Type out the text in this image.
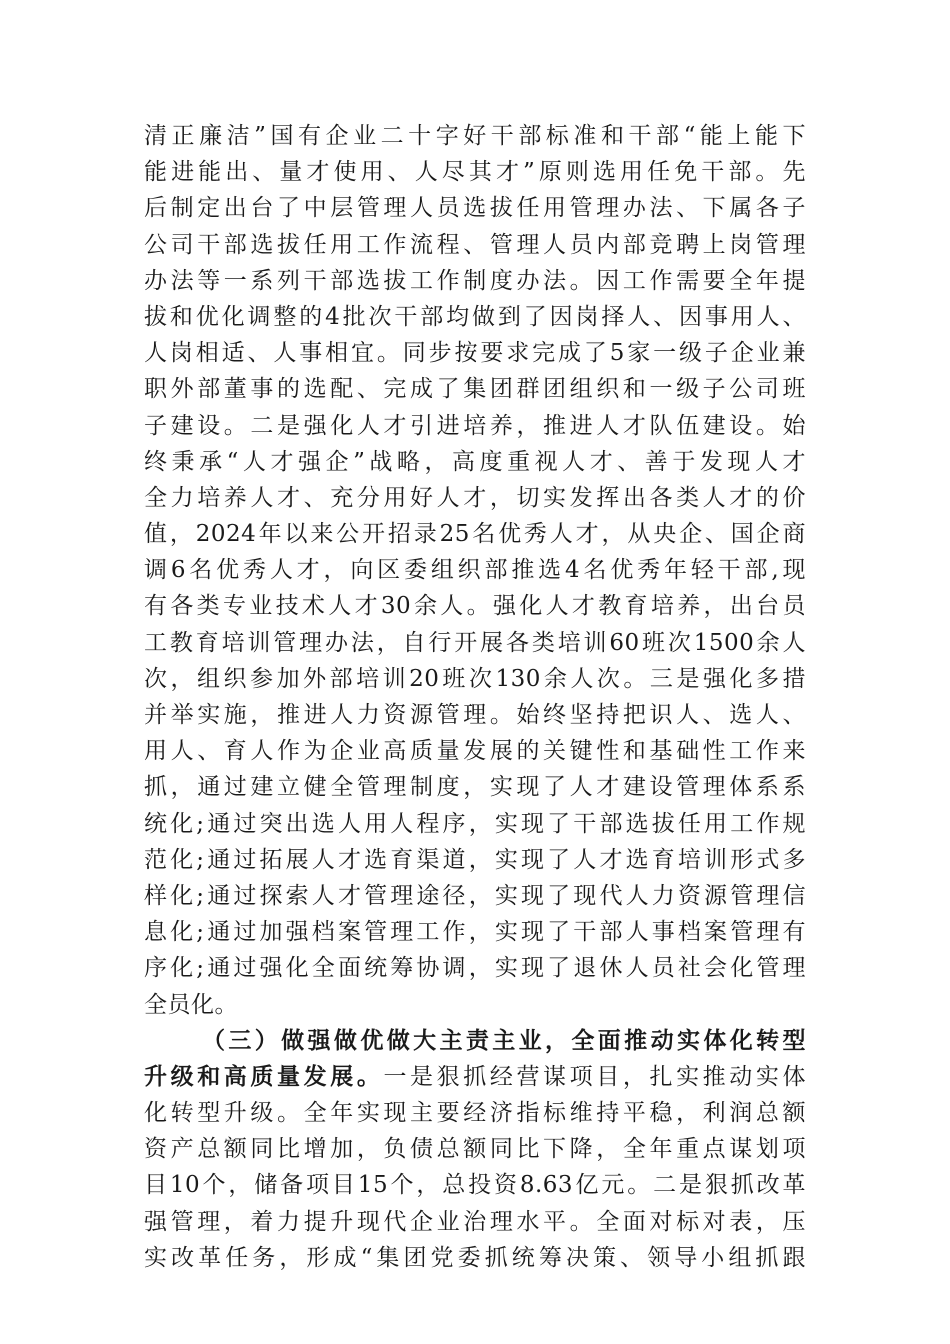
清正廉洁”国有企业二十字好干部标准和干部“能上能下
能进能出、量才使用、人尽其才”原则选用任免干部。先
后制定出台了中层管理人员选拔任用管理办法、下属各子
公司干部选拔任用工作流程、管理人员内部竞聘上岗管理
办法等一系列干部选拔工作制度办法。因工作需要全年提
拔和优化调整的4批次干部均做到了因岗择人、因事用人、
人岗相适、人事相宜。同步按要求完成了5家一级子企业兼
职外部董事的选配、完成了集团群团组织和一级子公司班
子建设。二是强化人才引进培养，推进人才队伍建设。始
终秉承“人才强企”战略，高度重视人才、善于发现人才
全力培养人才、充分用好人才，切实发挥出各类人才的价
值，2024年以来公开招录25名优秀人才，从央企、国企商
调6名优秀人才，向区委组织部推选4名优秀年轻干部,现
有各类专业技术人才30余人。强化人才教育培养，出台员
工教育培训管理办法，自行开展各类培训60班次1500余人
次，组织参加外部培训20班次130余人次。三是强化多措
并举实施，推进人力资源管理。始终坚持把识人、选人、
用人、育人作为企业高质量发展的关键性和基础性工作来
抓，通过建立健全管理制度，实现了人才建设管理体系系
统化;通过突出选人用人程序，实现了干部选拔任用工作规
范化;通过拓展人才选育渠道，实现了人才选育培训形式多
样化;通过探索人才管理途径，实现了现代人力资源管理信
息化;通过加强档案管理工作，实现了干部人事档案管理有
序化;通过强化全面统筹协调，实现了退休人员社会化管理
全员化。
（三）做强做优做大主责主业，全面推动实体化转型
升级和高质量发展。一是狠抓经营谋项目，扎实推动实体
化转型升级。全年实现主要经济指标维持平稳，利润总额
资产总额同比增加，负债总额同比下降，全年重点谋划项
目10个，储备项目15个，总投资8.63亿元。二是狠抓改革
强管理，着力提升现代企业治理水平。全面对标对表，压
实改革任务，形成“集团党委抓统筹决策、领导小组抓跟
